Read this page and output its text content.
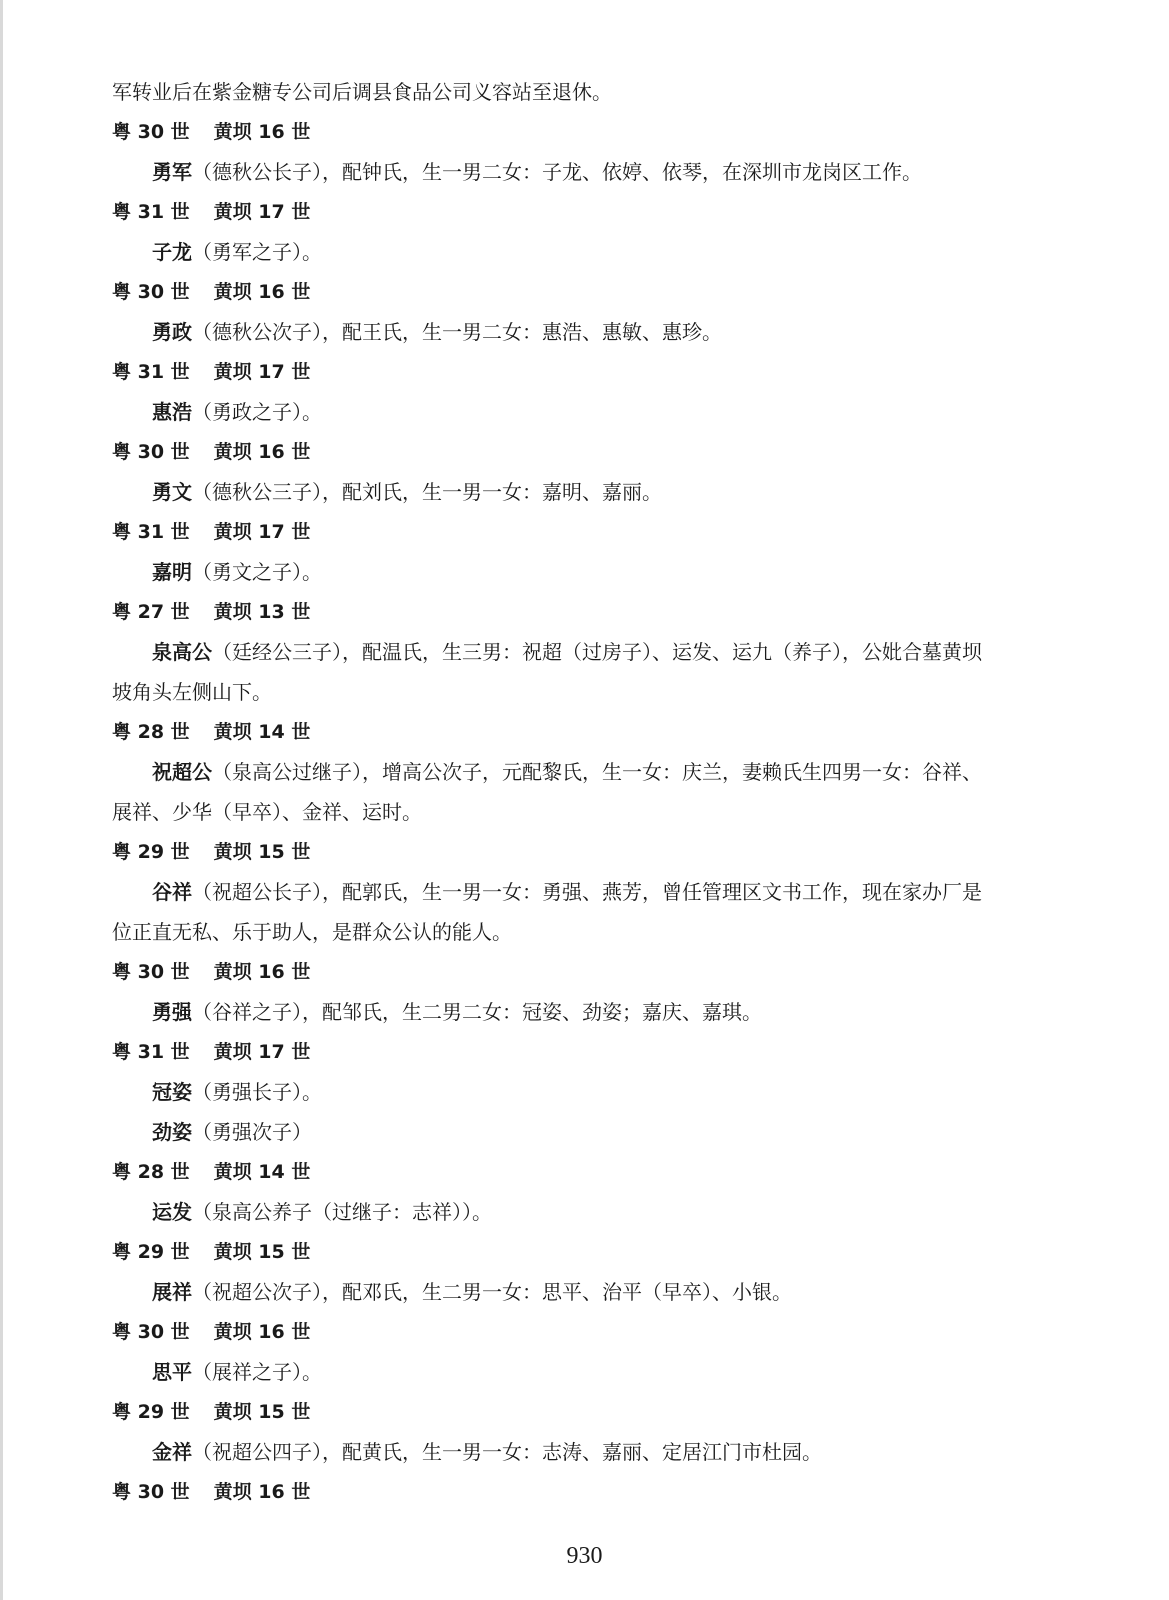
军转业后在紫金糖专公司后调县食品公司义容站至退休。

粤 30 世 黄坝 16 世

勇军（德秋公长子），配钟氏，生一男二女：子龙、依婷、依琴，在深圳市龙岗区工作。

粤 31 世 黄坝 17 世

子龙（勇军之子）。

粤 30 世 黄坝 16 世

勇政（德秋公次子），配王氏，生一男二女：惠浩、惠敏、惠珍。

粤 31 世 黄坝 17 世

惠浩（勇政之子）。

粤 30 世 黄坝 16 世

勇文（德秋公三子），配刘氏，生一男一女：嘉明、嘉丽。

粤 31 世 黄坝 17 世

嘉明（勇文之子）。

粤 27 世 黄坝 13 世

泉高公（廷经公三子），配温氏，生三男：祝超（过房子）、运发、运九（养子），公妣合墓黄坝

坡角头左侧山下。

粤 28 世 黄坝 14 世

祝超公（泉高公过继子），增高公次子，元配黎氏，生一女：庆兰，妻赖氏生四男一女：谷祥、

展祥、少华（早卒）、金祥、运时。

粤 29 世 黄坝 15 世

谷祥（祝超公长子），配郭氏，生一男一女：勇强、燕芳，曾任管理区文书工作，现在家办厂是

位正直无私、乐于助人，是群众公认的能人。

粤 30 世 黄坝 16 世

勇强（谷祥之子），配邹氏，生二男二女：冠姿、劲姿；嘉庆、嘉琪。

粤 31 世 黄坝 17 世

冠姿（勇强长子）。

劲姿（勇强次子）

粤 28 世 黄坝 14 世

运发（泉高公养子（过继子：志祥））。

粤 29 世 黄坝 15 世

展祥（祝超公次子），配邓氏，生二男一女：思平、治平（早卒）、小银。

粤 30 世 黄坝 16 世

思平（展祥之子）。

粤 29 世 黄坝 15 世

金祥（祝超公四子），配黄氏，生一男一女：志涛、嘉丽、定居江门市杜园。

粤 30 世 黄坝 16 世

930
